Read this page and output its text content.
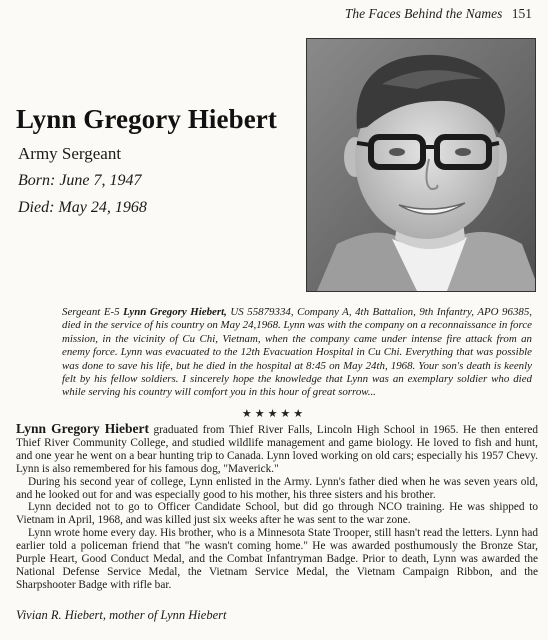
The Faces Behind the Names 151
Lynn Gregory Hiebert
Army Sergeant
Born: June 7, 1947
Died: May 24, 1968
Sergeant E-5 Lynn Gregory Hiebert, US 55879334, Company A, 4th Battalion, 9th Infantry, APO 96385, died in the service of his country on May 24,1968. Lynn was with the company on a reconnaissance in force mission, in the vicinity of Cu Chi, Vietnam, when the company came under intense fire attack from an enemy force. Lynn was evacuated to the 12th Evacuation Hospital in Cu Chi. Everything that was possible was done to save his life, but he died in the hospital at 8:45 on May 24th, 1968. Your son's death is keenly felt by his fellow soldiers. I sincerely hope the knowledge that Lynn was an exemplary soldier who died while serving his country will comfort you in this hour of great sorrow...
★★★★★

Lynn Gregory Hiebert graduated from Thief River Falls, Lincoln High School in 1965. He then entered Thief River Community College, and studied wildlife management and game biology. He loved to fish and hunt, and one year he went on a bear hunting trip to Canada. Lynn loved working on old cars; especially his 1957 Chevy. Lynn is also remembered for his famous dog, "Maverick."

During his second year of college, Lynn enlisted in the Army. Lynn's father died when he was seven years old, and he looked out for and was especially good to his mother, his three sisters and his brother.

Lynn decided not to go to Officer Candidate School, but did go through NCO training. He was shipped to Vietnam in April, 1968, and was killed just six weeks after he was sent to the war zone.

Lynn wrote home every day. His brother, who is a Minnesota State Trooper, still hasn't read the letters. Lynn had earlier told a policeman friend that "he wasn't coming home." He was awarded posthumously the Bronze Star, Purple Heart, Good Conduct Medal, and the Combat Infantryman Badge. Prior to death, Lynn was awarded the National Defense Service Medal, the Vietnam Service Medal, the Vietnam Campaign Ribbon, and the Sharpshooter Badge with rifle bar.

Vivian R. Hiebert, mother of Lynn Hiebert
